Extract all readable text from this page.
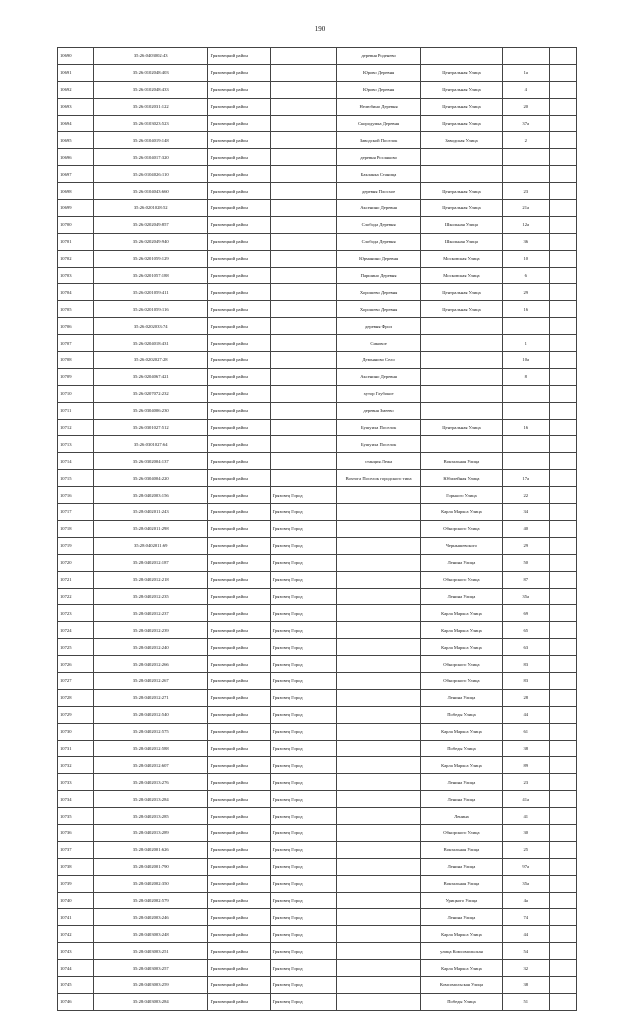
190
10690	35:26:0403002:43	Грязовецкий район		деревня Роденево			
10691	35:26:0102048:403	Грязовецкий район		Юрово Деревня	Центральная Улица	1а	
10692	35:26:0102048:433	Грязовецкий район		Юрово Деревня	Центральная Улица	4	
10693	35:26:0102031:122	Грязовецкий район		Нелюбино Деревня	Центральная Улица	20	
10694	35:26:0103023:523	Грязовецкий район		Скородумка Деревня	Центральная Улица	37а	
10695	35:26:0104019:148	Грязовецкий район		Заводской Поселок	Заводская Улица	2	
10696	35:26:0104017:320	Грязовецкий район		деревня Росляково			
10697	35:26:0104026:110	Грязовецкий район		Бакланка Станица			
10698	35:26:0104043:660	Грязовецкий район		деревня Плосхое	Центральная Улица	23	
10699	35:26:0201028:52	Грязовецкий район		Аксенино Деревня	Центральная Улица	21а	
10700	35:26:0202049:857	Грязовецкий район		Слобода Деревня	Школьная Улица	12а	
10701	35:26:0202049:940	Грязовецкий район		Слобода Деревня	Школьная Улица	36	
10702	35:26:0201059:129	Грязовецкий район		Юрманино Деревня	Московская Улица	10	
10703	35:26:0201057:188	Грязовецкий район		Паршино Деревня	Московская Улица	6	
10704	35:26:0201059:411	Грязовецкий район		Хорошево Деревня	Центральная Улица	29	
10705	35:26:0201059:116	Грязовецкий район		Хорошево Деревня	Центральная Улица	16	
10706	35:26:0202033:74	Грязовецкий район		деревня Фрол			
10707	35:26:0204018:431	Грязовецкий район		Сиковое		1	
10708	35:26:0202027:28	Грязовецкий район		Демьяново Село		10а	
10709	35:26:0204067:421	Грязовецкий район		Аксенино Деревня		8	
10710	35:26:0207072:232	Грязовецкий район		хутор Глубокое			
10711	35:26:0304006:230	Грязовецкий район		деревня Змеево			
10712	35:26:0301027:512	Грязовецкий район		Бушуиха Поселок	Центральная Улица	16	
10713	35:26:0301027:64	Грязовецкий район		Бушуиха Поселок			
10714	35:26:0302004:137	Грязовецкий район		станция Лежа	Вокзальная Улица		
10715	35:26:0304004:220	Грязовецкий район		Вохтога Поселок городского типа	Юбилейная Улица	17а	
10716	35:28:0402003:156	Грязовецкий район	Грязовец Город		Горького Улица	22	
10717	35:28:0402011:243	Грязовецкий район	Грязовец Город		Карла Маркса Улица	34	
10718	35:28:0402011:298	Грязовецкий район	Грязовец Город		Обнорского Улица	40	
10719	35:28:0402011:69	Грязовецкий район	Грязовец Город		Чернышевского	29	
10720	35:28:0402012:187	Грязовецкий район	Грязовец Город		Ленина Улица	50	
10721	35:28:0402012:218	Грязовецкий район	Грязовец Город		Обнорского Улица	87	
10722	35:28:0402012:235	Грязовецкий район	Грязовец Город		Ленина Улица	35а	
10723	35:28:0402012:237	Грязовецкий район	Грязовец Город		Карла Маркса Улица	69	
10724	35:28:0402012:239	Грязовецкий район	Грязовец Город		Карла Маркса Улица	65	
10725	35:28:0402012:240	Грязовецкий район	Грязовец Город		Карла Маркса Улица	63	
10726	35:28:0402012:266	Грязовецкий район	Грязовец Город		Обнорского Улица	83	
10727	35:28:0402012:267	Грязовецкий район	Грязовец Город		Обнорского Улица	83	
10728	35:28:0402012:271	Грязовецкий район	Грязовец Город		Ленина Улица	28	
10729	35:28:0402012:540	Грязовецкий район	Грязовец Город		Победы Улица	44	
10730	35:28:0402012:575	Грязовецкий район	Грязовец Город		Карла Маркса Улица	61	
10731	35:28:0402012:588	Грязовецкий район	Грязовец Город		Победы Улица	38	
10732	35:28:0402012:607	Грязовецкий район	Грязовец Город		Карла Маркса Улица	89	
10733	35:28:0402013:276	Грязовецкий район	Грязовец Город		Ленина Улица	23	
10734	35:28:0402013:284	Грязовецкий район	Грязовец Город		Ленина Улица	41а	
10735	35:28:0402013:285	Грязовецкий район	Грязовец Город		Ленина	41	
10736	35:28:0402013:289	Грязовецкий район	Грязовец Город		Обнорского Улица	30	
10737	35:28:0402001:626	Грязовецкий район	Грязовец Город		Вокзальная Улица	25	
10738	35:28:0402001:790	Грязовецкий район	Грязовец Город		Ленина Улица	97а	
10739	35:28:0402002:350	Грязовецкий район	Грязовец Город		Вокзальная Улица	35а	
10740	35:28:0402002:579	Грязовецкий район	Грязовец Город		Урицкого Улица	4а	
10741	35:28:0402003:246	Грязовецкий район	Грязовец Город		Ленина Улица	74	
10742	35:28:0403003:248	Грязовецкий район	Грязовец Город		Карла Маркса Улица	44	
10743	35:28:0403003:251	Грязовецкий район	Грязовец Город		улица Комсомольская	54	
10744	35:28:0403003:257	Грязовецкий район	Грязовец Город		Карла Маркса Улица	32	
10745	35:28:0403003:259	Грязовецкий район	Грязовец Город		Комсомольская Улица	38	
10746	35:28:0403003:284	Грязовецкий район	Грязовец Город		Победы Улица	51	
